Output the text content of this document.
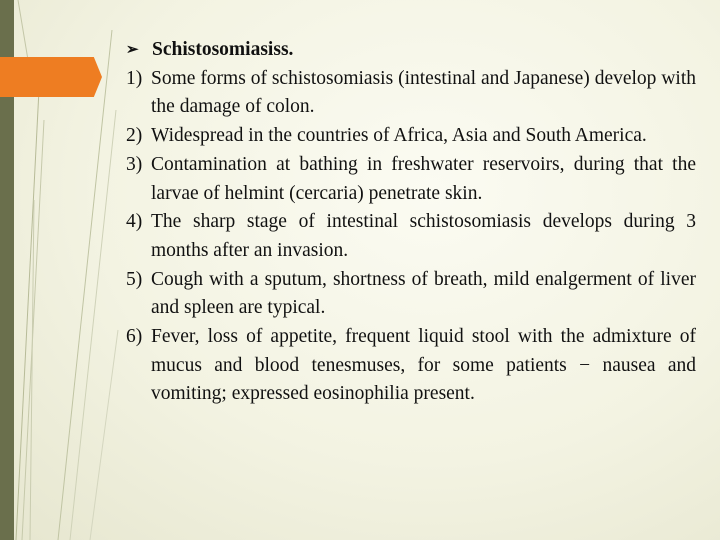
➢ Schistosomiasiss.
1) Some forms of schistosomiasis (intestinal and Japanese) develop with the damage of colon.
2) Widespread in the countries of Africa, Asia and South America.
3) Contamination at bathing in freshwater reservoirs, during that the larvae of helmint (cercaria) penetrate skin.
4) The sharp stage of intestinal schistosomiasis develops during 3 months after an invasion.
5) Cough with a sputum, shortness of breath, mild enalgerment of liver and spleen are typical.
6) Fever, loss of appetite, frequent liquid stool with the admixture of mucus and blood tenesmuses, for some patients − nausea and vomiting; expressed eosinophilia present.
